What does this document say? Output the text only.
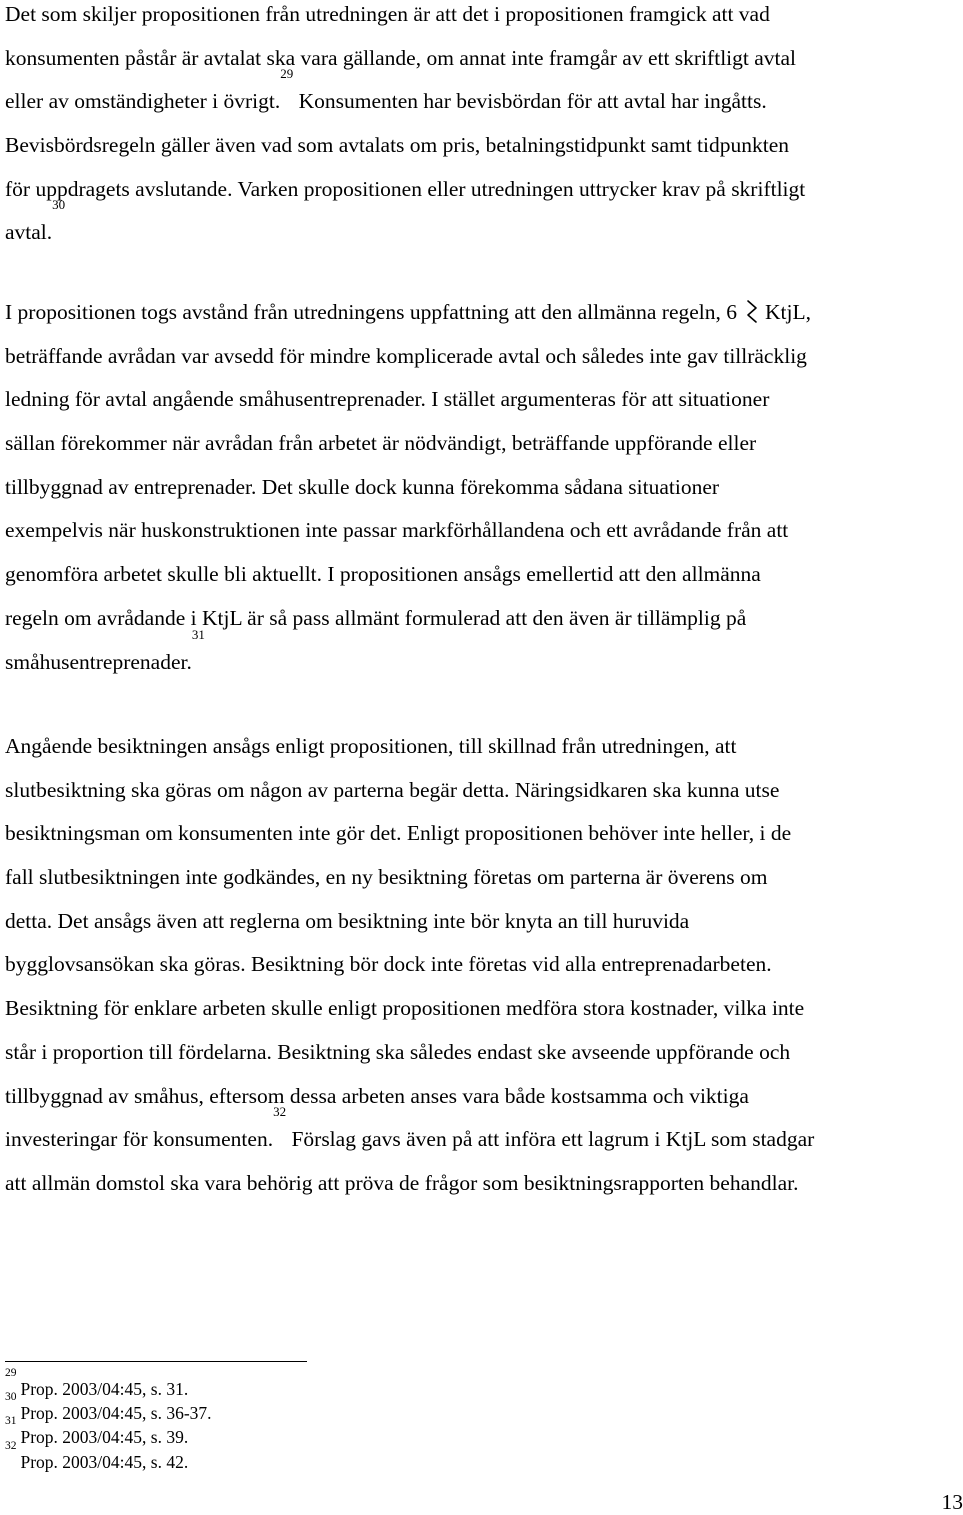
Det som skiljer propositionen från utredningen är att det i propositionen framgick att vad
konsumenten påstår är avtalat ska vara gällande, om annat inte framgår av ett skriftligt avtal
eller av omständigheter i övrigt.$^{29}$ Konsumenten har bevisbördan för att avtal har ingåtts.
Bevisbördsregeln gäller även vad som avtalats om pris, betalningstidpunkt samt tidpunkten
för uppdragets avslutande. Varken propositionen eller utredningen uttrycker krav på skriftligt
avtal.$^{30}$
I propositionen togs avstånd från utredningens uppfattning att den allmänna regeln, 6 KtjL,
beträffande avrådan var avsedd för mindre komplicerade avtal och således inte gav tillräcklig
ledning för avtal angående småhusentreprenader. I stället argumenteras för att situationer
sällan förekommer när avrådan från arbetet är nödvändigt, beträffande uppförande eller
tillbyggnad av entreprenader. Det skulle dock kunna förekomma sådana situationer
exempelvis när huskonstruktionen inte passar markförhållandena och ett avrådande från att
genomföra arbetet skulle bli aktuellt. I propositionen ansågs emellertid att den allmänna
regeln om avrådande i KtjL är så pass allmänt formulerad att den även är tillämplig på
småhusentreprenader.$^{31}$
Angående besiktningen ansågs enligt propositionen, till skillnad från utredningen, att
slutbesiktning ska göras om någon av parterna begär detta. Näringsidkaren ska kunna utse
besiktningsman om konsumenten inte gör det. Enligt propositionen behöver inte heller, i de
fall slutbesiktningen inte godkändes, en ny besiktning företas om parterna är överens om
detta. Det ansågs även att reglerna om besiktning inte bör knyta an till huruvida
bygglovsansökan ska göras. Besiktning bör dock inte företas vid alla entreprenadarbeten.
Besiktning för enklare arbeten skulle enligt propositionen medföra stora kostnader, vilka inte
står i proportion till fördelarna. Besiktning ska således endast ske avseende uppförande och
tillbyggnad av småhus, eftersom dessa arbeten anses vara både kostsamma och viktiga
investeringar för konsumenten.$^{32}$ Förslag gavs även på att införa ett lagrum i KtjL som stadgar
att allmän domstol ska vara behörig att pröva de frågor som besiktningsrapporten behandlar.
$^{29}$Prop. 2003/04:45, s. 31.
$^{30}$Prop. 2003/04:45, s. 36-37.
$^{31}$Prop. 2003/04:45, s. 39.
$^{32}$Prop. 2003/04:45, s. 42.
13
